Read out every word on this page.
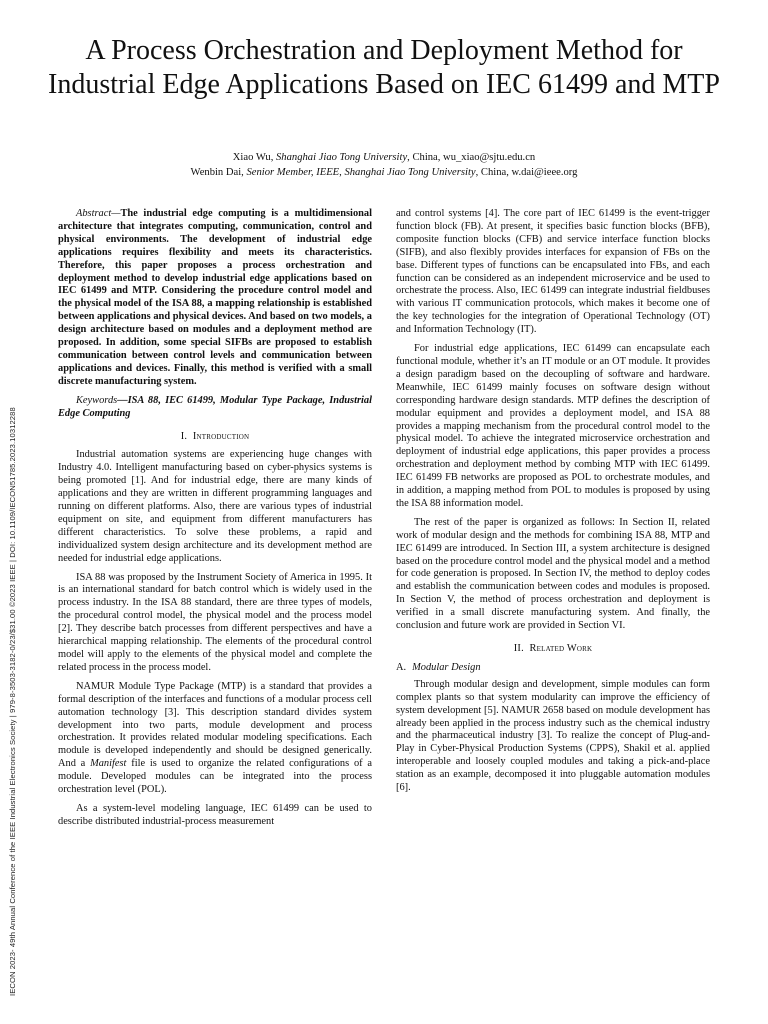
IECON 2023- 49th Annual Conference of the IEEE Industrial Electronics Society | 979-8-3503-3182-0/23/$31.00 ©2023 IEEE | DOI: 10.1109/IECON51785.2023.10312288
A Process Orchestration and Deployment Method for Industrial Edge Applications Based on IEC 61499 and MTP
Xiao Wu, Shanghai Jiao Tong University, China, wu_xiao@sjtu.edu.cn
Wenbin Dai, Senior Member, IEEE, Shanghai Jiao Tong University, China, w.dai@ieee.org

Abstract—The industrial edge computing is a multidimensional architecture that integrates computing, communication, control and physical environments. The development of industrial edge applications requires flexibility and meets its characteristics. Therefore, this paper proposes a process orchestration and deployment method to develop industrial edge applications based on IEC 61499 and MTP. Considering the procedure control model and the physical model of the ISA 88, a mapping relationship is established between applications and physical devices. And based on two models, a design architecture based on modules and a deployment method are proposed. In addition, some special SIFBs are proposed to establish communication between control levels and communication between applications and devices. Finally, this method is verified with a small discrete manufacturing system.

Keywords—ISA 88, IEC 61499, Modular Type Package, Industrial Edge Computing

I. Introduction

Industrial automation systems are experiencing huge changes with Industry 4.0. Intelligent manufacturing based on cyber-physics systems is being promoted [1]. And for industrial edge, there are many kinds of applications and they are written in different programming languages and running on different platforms. Also, there are various types of industrial equipment on site, and equipment from different manufacturers has different characteristics. To solve these problems, a rapid and individualized system design architecture and its development method are needed for industrial edge applications.

ISA 88 was proposed by the Instrument Society of America in 1995. It is an international standard for batch control which is widely used in the process industry. In the ISA 88 standard, there are three types of models, the procedural control model, the physical model and the process model [2]. They describe batch processes from different perspectives and have a hierarchical mapping relationship. The elements of the procedural control model will apply to the elements of the physical model and complete the related process in the process model.

NAMUR Module Type Package (MTP) is a standard that provides a formal description of the interfaces and functions of a modular process cell automation technology [3]. This description standard divides system development into two parts, module development and process orchestration. It provides related modular modeling specifications. Each module is developed independently and should be designed generically. And a Manifest file is used to organize the related configurations of a module. Developed modules can be integrated into the process orchestration level (POL).

As a system-level modeling language, IEC 61499 can be used to describe distributed industrial-process measurement

and control systems [4]. The core part of IEC 61499 is the event-trigger function block (FB). At present, it specifies basic function blocks (BFB), composite function blocks (CFB) and service interface function blocks (SIFB), and also flexibly provides interfaces for expansion of FBs on the base. Different types of functions can be encapsulated into FBs, and each function can be considered as an independent microservice and be used to orchestrate the process. Also, IEC 61499 can integrate industrial fieldbuses with various IT communication protocols, which makes it become one of the key technologies for the integration of Operational Technology (OT) and Information Technology (IT).

For industrial edge applications, IEC 61499 can encapsulate each functional module, whether it’s an IT module or an OT module. It provides a design paradigm based on the decoupling of software and hardware. Meanwhile, IEC 61499 mainly focuses on software design without corresponding hardware design standards. MTP defines the description of modular equipment and provides a deployment model, and ISA 88 provides a mapping mechanism from the procedural control model to the physical model. To achieve the integrated microservice orchestration and deployment of industrial edge applications, this paper provides a process orchestration and deployment method by combing MTP with IEC 61499. IEC 61499 FB networks are proposed as POL to orchestrate modules, and in addition, a mapping method from POL to modules is proposed by using the ISA 88 information model.

The rest of the paper is organized as follows: In Section II, related work of modular design and the methods for combining ISA 88, MTP and IEC 61499 are introduced. In Section III, a system architecture is designed based on the procedure control model and the physical model and a method for code generation is proposed. In Section IV, the method to deploy codes and establish the communication between codes and modules is proposed. In Section V, the method of process orchestration and deployment is verified in a small discrete manufacturing system. And finally, the conclusion and future work are provided in Section VI.

II. Related Work
A. Modular Design

Through modular design and development, simple modules can form complex plants so that system modularity can improve the efficiency of system development [5]. NAMUR 2658 based on module development has already been applied in the process industry such as the chemical industry and the pharmaceutical industry [3]. To realize the concept of Plug-and-Play in Cyber-Physical Production Systems (CPPS), Shakil et al. applied interoperable and loosely coupled modules and taking a pick-and-place station as an example, decomposed it into pluggable automation modules [6].
